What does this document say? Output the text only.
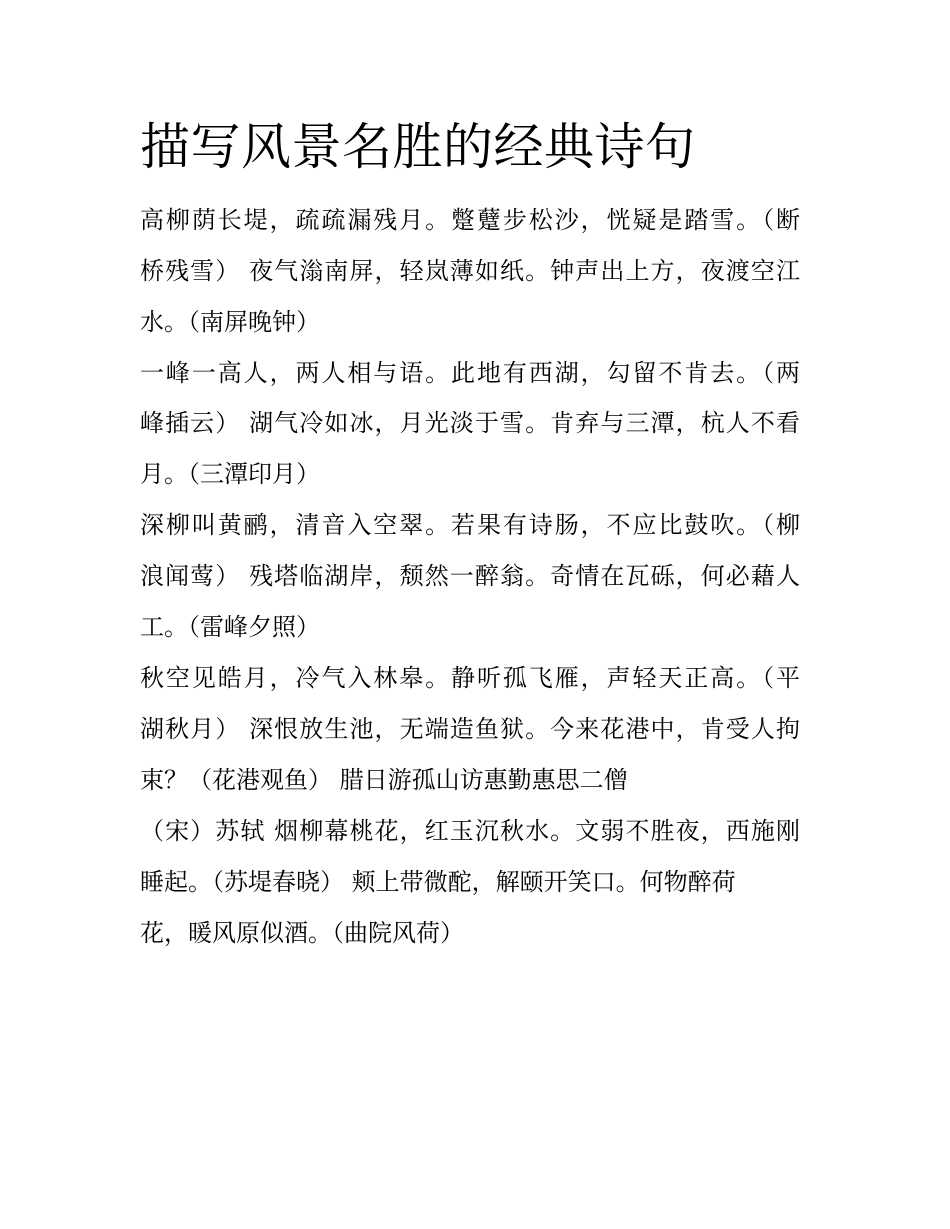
描写风景名胜的经典诗句

高柳荫长堤，疏疏漏残月。蹩躠步松沙，恍疑是踏雪。（断

桥残雪） 夜气滃南屏，轻岚薄如纸。钟声出上方，夜渡空江

水。（南屏晚钟）

一峰一高人，两人相与语。此地有西湖，勾留不肯去。（两

峰插云） 湖气冷如冰，月光淡于雪。肯弃与三潭，杭人不看

月。（三潭印月）

深柳叫黄鹂，清音入空翠。若果有诗肠，不应比鼓吹。（柳

浪闻莺） 残塔临湖岸，颓然一醉翁。奇情在瓦砾，何必藉人

工。（雷峰夕照）

秋空见皓月，冷气入林皋。静听孤飞雁，声轻天正高。（平

湖秋月） 深恨放生池，无端造鱼狱。今来花港中，肯受人拘

束？（花港观鱼） 腊日游孤山访惠勤惠思二僧

（宋）苏轼 烟柳幕桃花，红玉沉秋水。文弱不胜夜，西施刚

睡起。（苏堤春晓） 颊上带微酡，解颐开笑口。何物醉荷

花，暖风原似酒。（曲院风荷）
